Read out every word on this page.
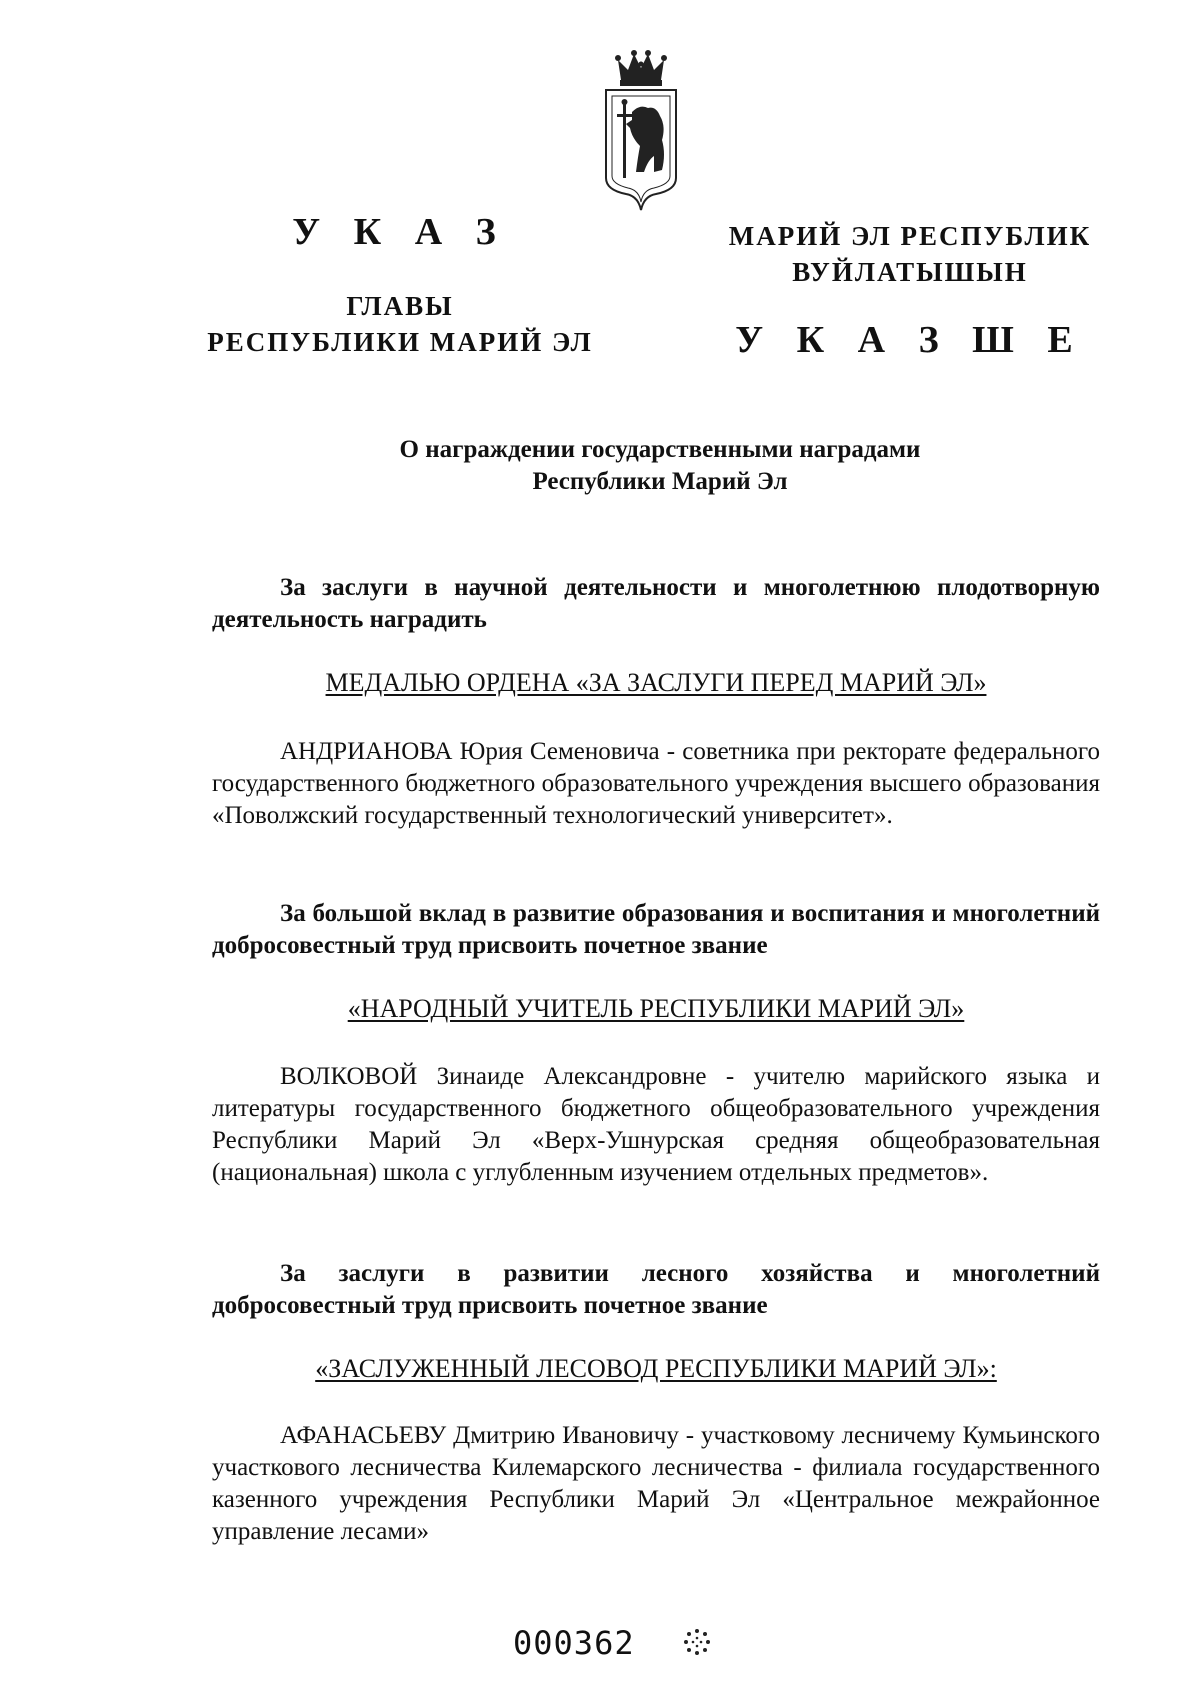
У К А З
ГЛАВЫ
РЕСПУБЛИКИ МАРИЙ ЭЛ
МАРИЙ ЭЛ РЕСПУБЛИК
ВУЙЛАТЫШЫН
У К А З Ш Е
О награждении государственными наградами
Республики Марий Эл
За заслуги в научной деятельности и многолетнюю плодотворную деятельность наградить
МЕДАЛЬЮ ОРДЕНА «ЗА ЗАСЛУГИ ПЕРЕД МАРИЙ ЭЛ»
АНДРИАНОВА Юрия Семеновича - советника при ректорате федерального государственного бюджетного образовательного учреждения высшего образования «Поволжский государственный технологический университет».
За большой вклад в развитие образования и воспитания и многолетний добросовестный труд присвоить почетное звание
«НАРОДНЫЙ УЧИТЕЛЬ РЕСПУБЛИКИ МАРИЙ ЭЛ»
ВОЛКОВОЙ Зинаиде Александровне - учителю марийского языка и литературы государственного бюджетного общеобразовательного учреждения Республики Марий Эл «Верх-Ушнурская средняя общеобразовательная (национальная) школа с углубленным изучением отдельных предметов».
За заслуги в развитии лесного хозяйства и многолетний добросовестный труд присвоить почетное звание
«ЗАСЛУЖЕННЫЙ ЛЕСОВОД РЕСПУБЛИКИ МАРИЙ ЭЛ»:
АФАНАСЬЕВУ Дмитрию Ивановичу - участковому лесничему Кумьинского участкового лесничества Килемарского лесничества - филиала государственного казенного учреждения Республики Марий Эл «Центральное межрайонное управление лесами»
000362
